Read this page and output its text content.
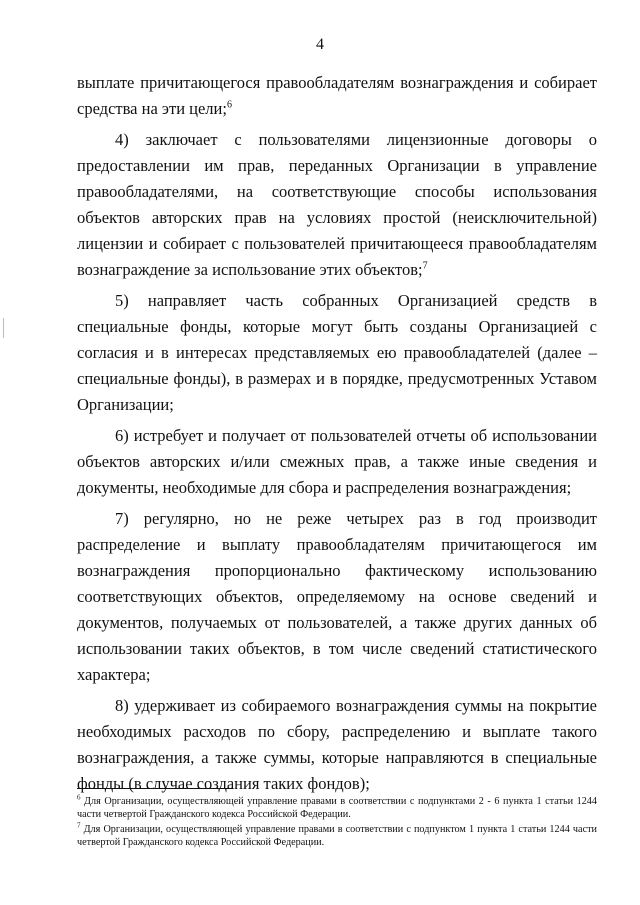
4

выплате причитающегося правообладателям вознаграждения и собирает средства на эти цели;$^6$

4) заключает с пользователями лицензионные договоры о предоставлении им прав, переданных Организации в управление правообладателями, на соответствующие способы использования объектов авторских прав на условиях простой (неисключительной) лицензии и собирает с пользователей причитающееся правообладателям вознаграждение за использование этих объектов;$^7$

5) направляет часть собранных Организацией средств в специальные фонды, которые могут быть созданы Организацией с согласия и в интересах представляемых ею правообладателей (далее – специальные фонды), в размерах и в порядке, предусмотренных Уставом Организации;

6) истребует и получает от пользователей отчеты об использовании объектов авторских и/или смежных прав, а также иные сведения и документы, необходимые для сбора и распределения вознаграждения;

7) регулярно, но не реже четырех раз в год производит распределение и выплату правообладателям причитающегося им вознаграждения пропорционально фактическому использованию соответствующих объектов, определяемому на основе сведений и документов, получаемых от пользователей, а также других данных об использовании таких объектов, в том числе сведений статистического характера;

8) удерживает из собираемого вознаграждения суммы на покрытие необходимых расходов по сбору, распределению и выплате такого вознаграждения, а также суммы, которые направляются в специальные фонды (в случае создания таких фондов);

$^6$ Для Организации, осуществляющей управление правами в соответствии с подпунктами 2 - 6 пункта 1 статьи 1244 части четвертой Гражданского кодекса Российской Федерации.

$^7$ Для Организации, осуществляющей управление правами в соответствии с подпунктом 1 пункта 1 статьи 1244 части четвертой Гражданского кодекса Российской Федерации.
